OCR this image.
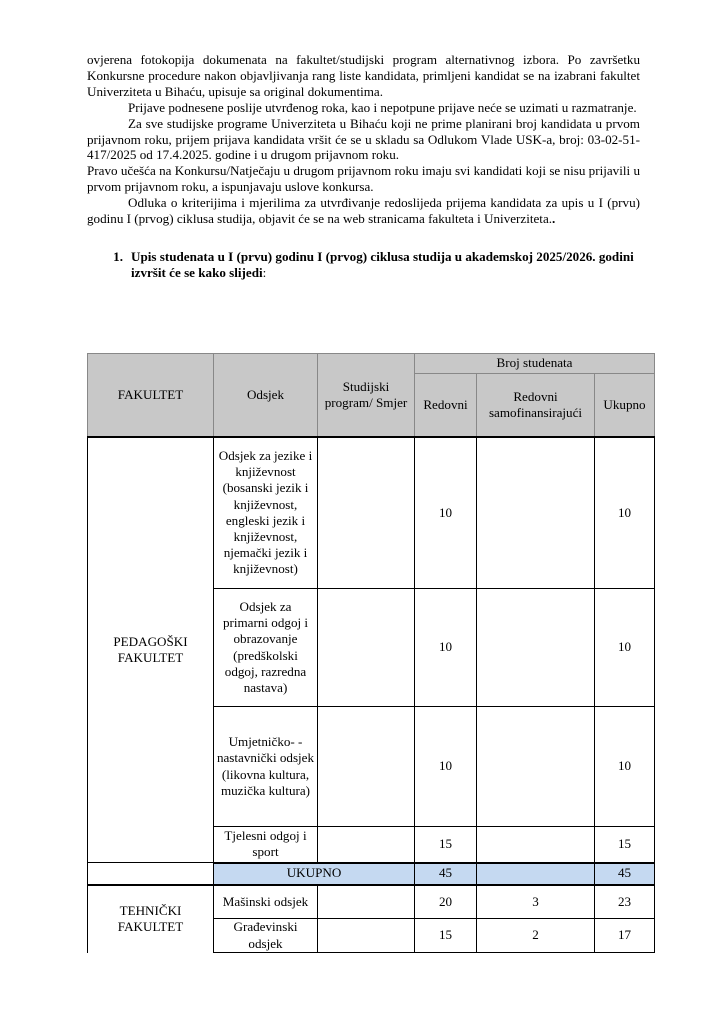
ovjerena fotokopija dokumenata na fakultet/studijski program alternativnog izbora. Po završetku Konkursne procedure nakon objavljivanja rang liste kandidata, primljeni kandidat se na izabrani fakultet Univerziteta u Bihaću, upisuje sa original dokumentima.

Prijave podnesene poslije utvrđenog roka, kao i nepotpune prijave neće se uzimati u razmatranje.

Za sve studijske programe Univerziteta u Bihaću koji ne prime planirani broj kandidata u prvom prijavnom roku, prijem prijava kandidata vršit će se u skladu sa Odlukom Vlade USK-a, broj: 03-02-51-417/2025 od 17.4.2025. godine i u drugom prijavnom roku.

Pravo učešća na Konkursu/Natječaju u drugom prijavnom roku imaju svi kandidati koji se nisu prijavili u prvom prijavnom roku, a ispunjavaju uslove konkursa.

Odluka o kriterijima i mjerilima za utvrđivanje redoslijeda prijema kandidata za upis u I (prvu) godinu I (prvog) ciklusa studija, objavit će se na web stranicama fakulteta i Univerziteta..

1. Upis studenata u I (prvu) godinu I (prvog) ciklusa studija u akademskoj 2025/2026. godini izvršit će se kako slijedi:
FAKULTET	Odsjek	Studijski program/ Smjer	Broj studenata		
			Redovni	Redovni samofinansirajući	Ukupno
PEDAGOŠKI FAKULTET	Odsjek za jezike i književnost (bosanski jezik i književnost, engleski jezik i književnost, njemački jezik i književnost)		10		10
	Odsjek za primarni odgoj i obrazovanje (predškolski odgoj, razredna nastava)		10		10
	Umjetničko- -nastavnički odsjek (likovna kultura, muzička kultura)		10		10
	Tjelesni odgoj i sport		15		15
	UKUPNO		45		45
TEHNIČKI FAKULTET	Mašinski odsjek		20	3	23
	Građevinski odsjek		15	2	17
